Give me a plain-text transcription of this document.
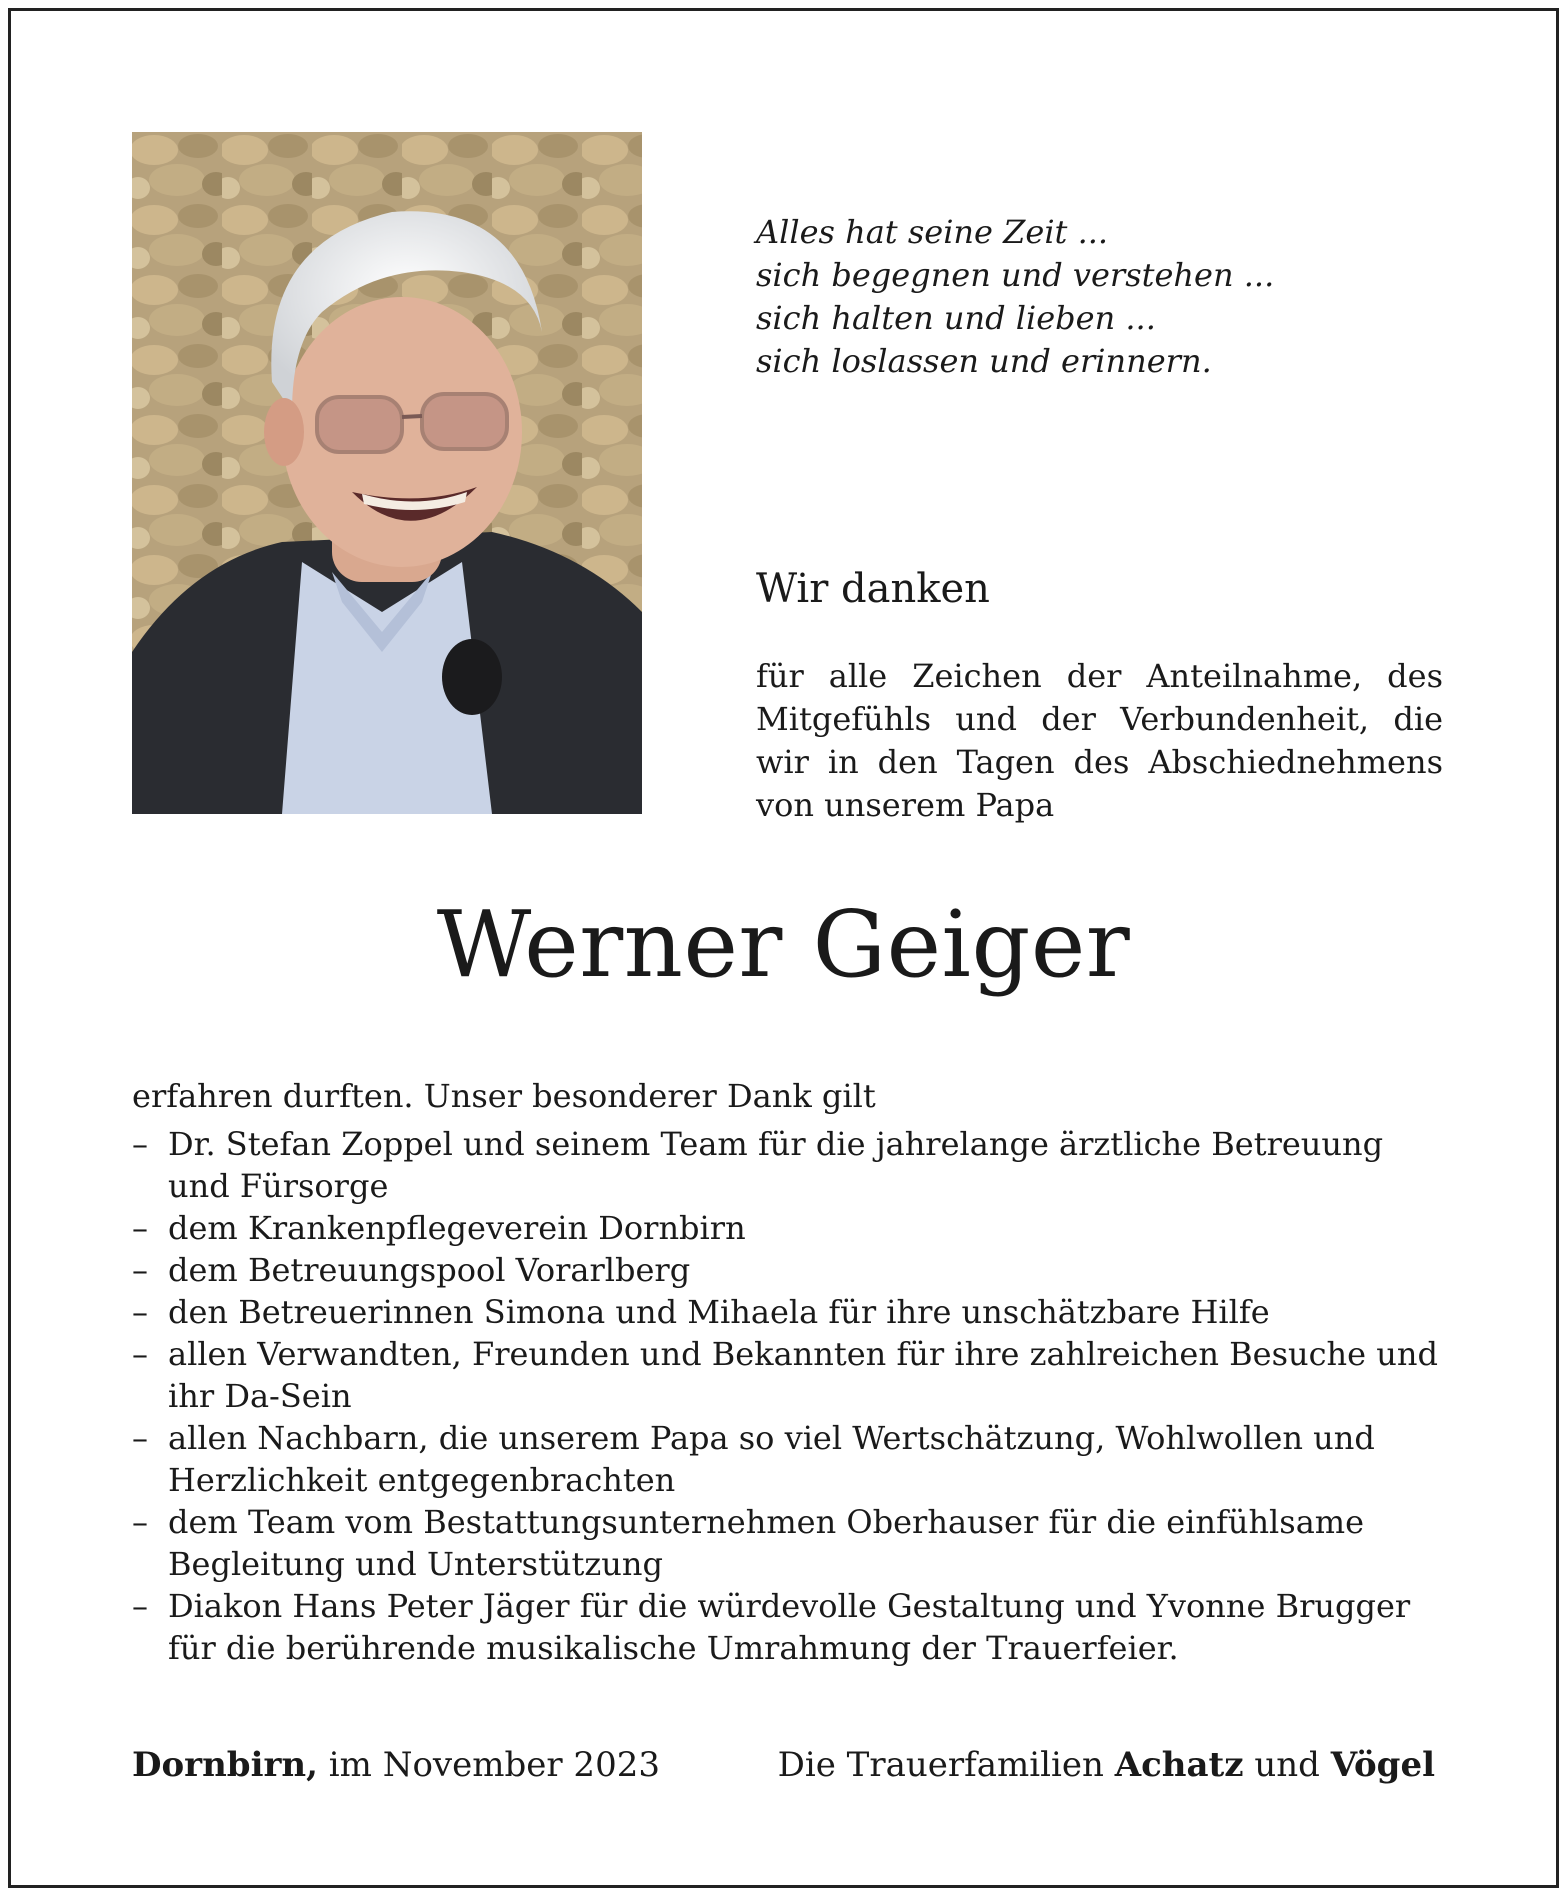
Alles hat seine Zeit ...
sich begegnen und verstehen ...
sich halten und lieben ...
sich loslassen und erinnern.
Wir danken
für alle Zeichen der Anteilnahme, des
Mitgefühls und der Verbundenheit, die
wir in den Tagen des Abschiednehmens
von unserem Papa
Werner Geiger
erfahren durften. Unser besonderer Dank gilt
– Dr. Stefan Zoppel und seinem Team für die jahrelange ärztliche Betreuung und Fürsorge
– dem Krankenpflegeverein Dornbirn
– dem Betreuungspool Vorarlberg
– den Betreuerinnen Simona und Mihaela für ihre unschätzbare Hilfe
– allen Verwandten, Freunden und Bekannten für ihre zahlreichen Besuche und ihr Da-Sein
– allen Nachbarn, die unserem Papa so viel Wertschätzung, Wohlwollen und Herzlichkeit entgegenbrachten
– dem Team vom Bestattungsunternehmen Oberhauser für die einfühlsame Begleitung und Unterstützung
– Diakon Hans Peter Jäger für die würdevolle Gestaltung und Yvonne Brugger für die berührende musikalische Umrahmung der Trauerfeier.
Dornbirn, im November 2023	Die Trauerfamilien Achatz und Vögel
